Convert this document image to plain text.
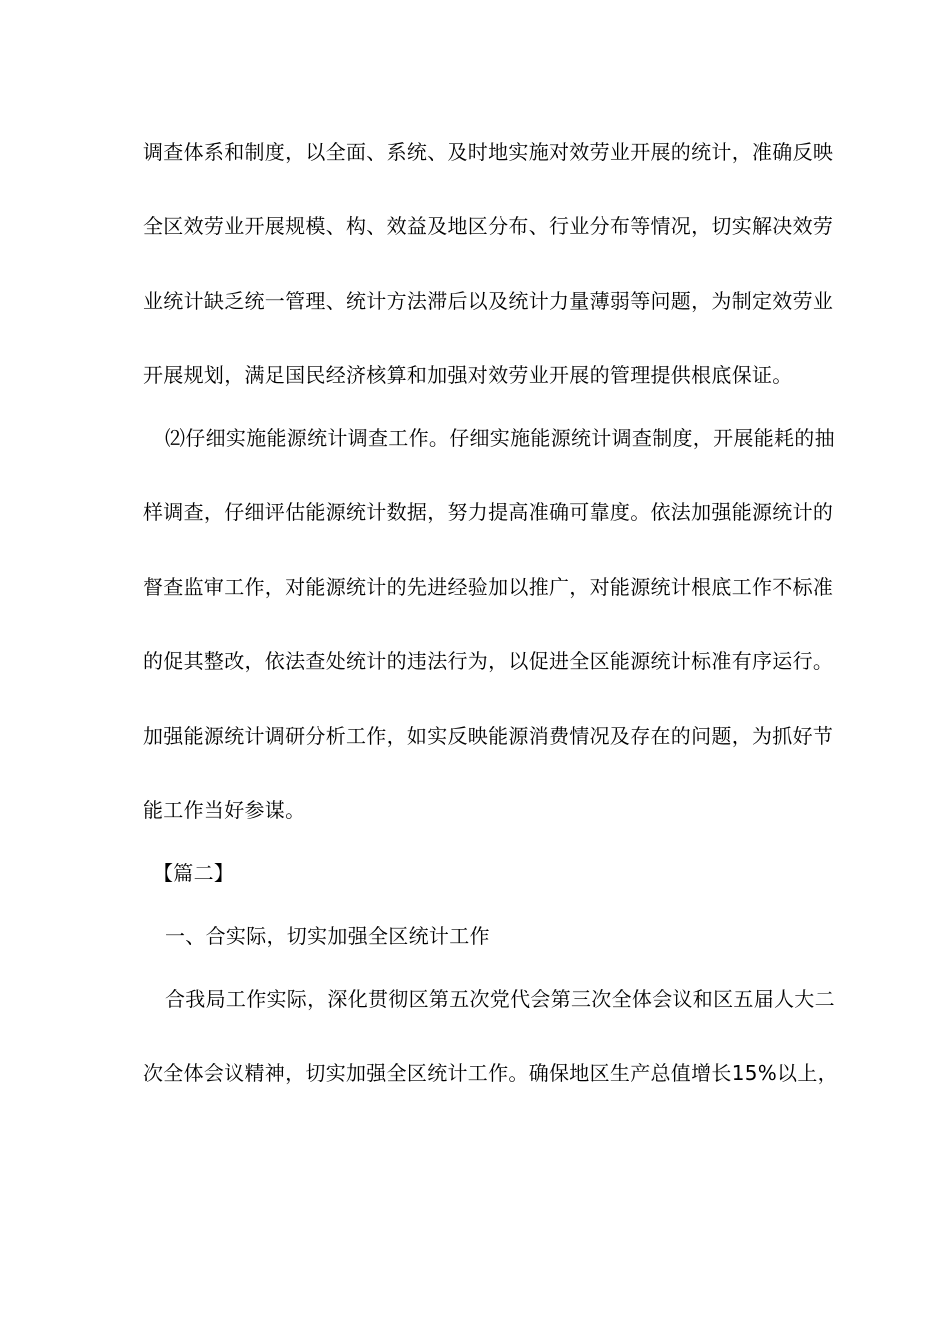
调查体系和制度，以全面、系统、及时地实施对效劳业开展的统计，准确反映
全区效劳业开展规模、构、效益及地区分布、行业分布等情况，切实解决效劳
业统计缺乏统一管理、统计方法滞后以及统计力量薄弱等问题，为制定效劳业
开展规划，满足国民经济核算和加强对效劳业开展的管理提供根底保证。
⑵仔细实施能源统计调查工作。仔细实施能源统计调查制度，开展能耗的抽
样调查，仔细评估能源统计数据，努力提高准确可靠度。依法加强能源统计的
督查监审工作，对能源统计的先进经验加以推广，对能源统计根底工作不标准
的促其整改，依法查处统计的违法行为，以促进全区能源统计标准有序运行。
加强能源统计调研分析工作，如实反映能源消费情况及存在的问题，为抓好节
能工作当好参谋。
【篇二】
一、合实际，切实加强全区统计工作
合我局工作实际，深化贯彻区第五次党代会第三次全体会议和区五届人大二
次全体会议精神，切实加强全区统计工作。确保地区生产总值增长15%以上，
